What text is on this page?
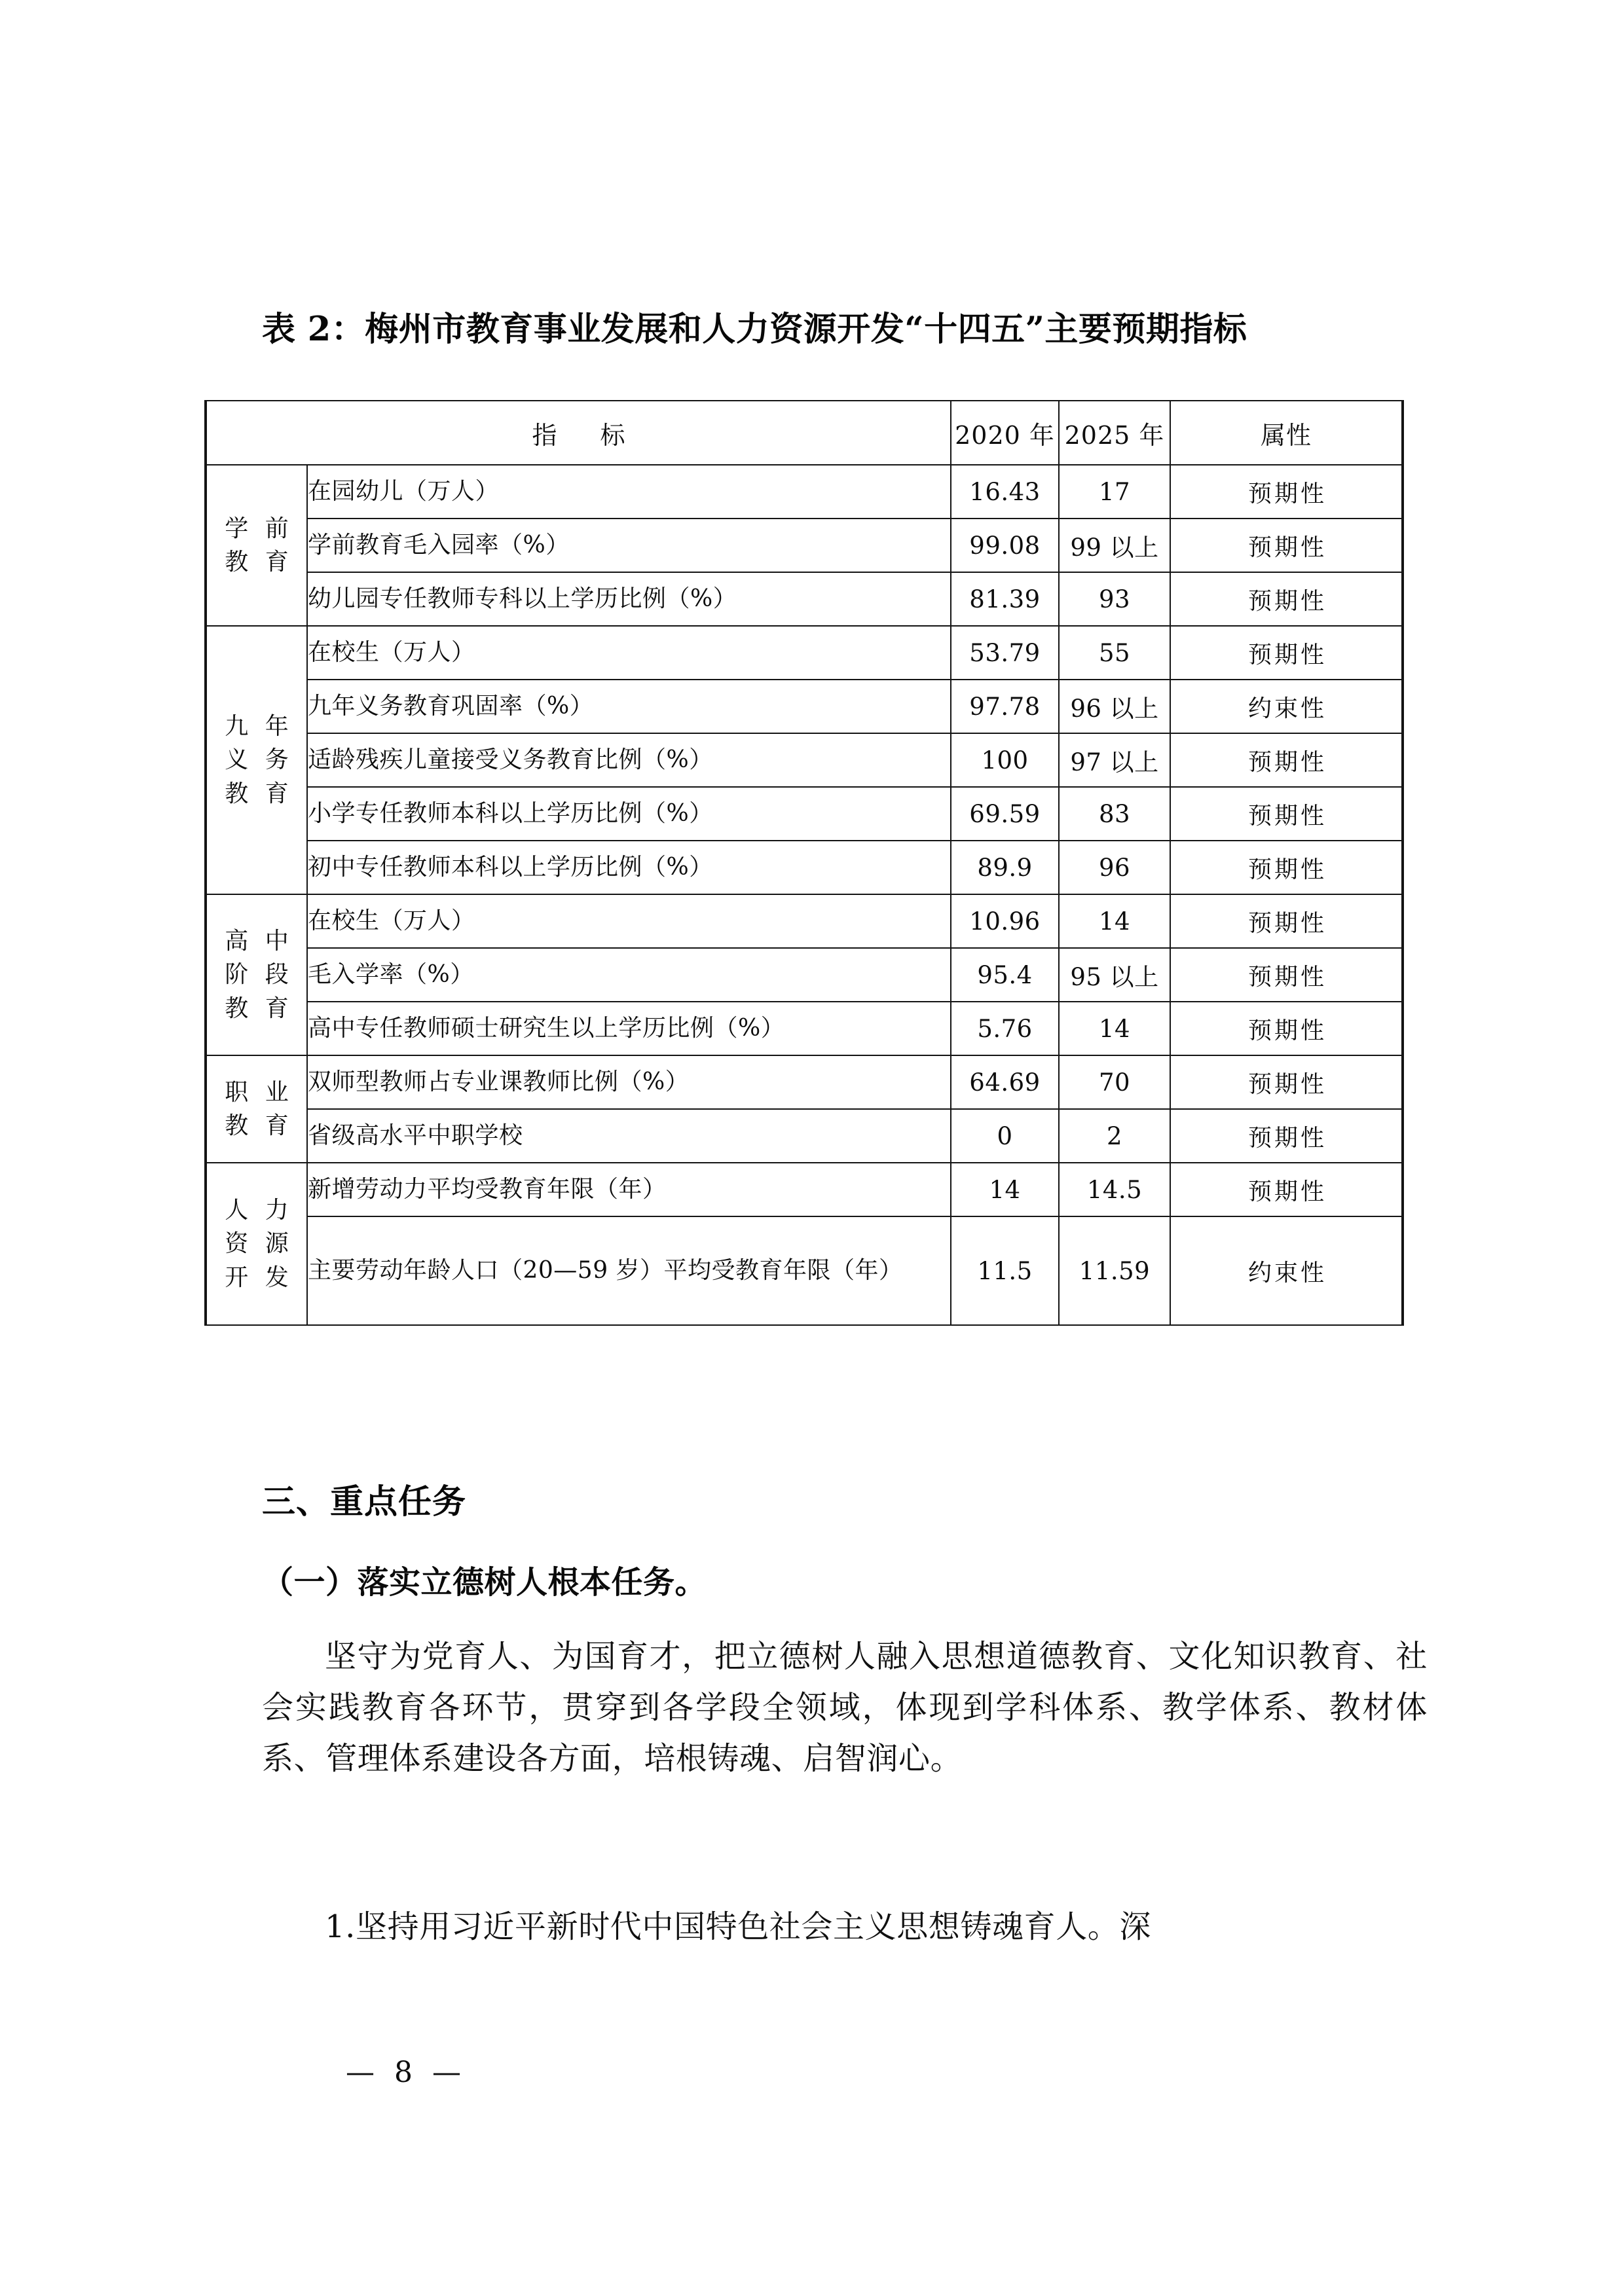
表 2：梅州市教育事业发展和人力资源开发“十四五”主要预期指标
指　标		2020 年	2025 年	属性

学 前
教 育	在园幼儿（万人）	16.43	17	预期性
	学前教育毛入园率（%）	99.08	99 以上	预期性
	幼儿园专任教师专科以上学历比例（%）	81.39	93	预期性

九 年
义 务
教 育	在校生（万人）	53.79	55	预期性
	九年义务教育巩固率（%）	97.78	96 以上	约束性
	适龄残疾儿童接受义务教育比例（%）	100	97 以上	预期性
	小学专任教师本科以上学历比例（%）	69.59	83	预期性
	初中专任教师本科以上学历比例（%）	89.9	96	预期性

高 中
阶 段
教 育	在校生（万人）	10.96	14	预期性
	毛入学率（%）	95.4	95 以上	预期性
	高中专任教师硕士研究生以上学历比例（%）	5.76	14	预期性

职 业
教 育	双师型教师占专业课教师比例（%）	64.69	70	预期性
	省级高水平中职学校	0	2	预期性

人 力
资 源
开 发	新增劳动力平均受教育年限（年）	14	14.5	预期性
	主要劳动年龄人口（20—59 岁）平均受教育年限（年）	11.5	11.59	约束性
三、重点任务
（一）落实立德树人根本任务。
坚守为党育人、为国育才，把立德树人融入思想道德教育、文化知识教育、社会实践教育各环节，贯穿到各学段全领域，体现到学科体系、教学体系、教材体系、管理体系建设各方面，培根铸魂、启智润心。
1.坚持用习近平新时代中国特色社会主义思想铸魂育人。深
— 8 —
